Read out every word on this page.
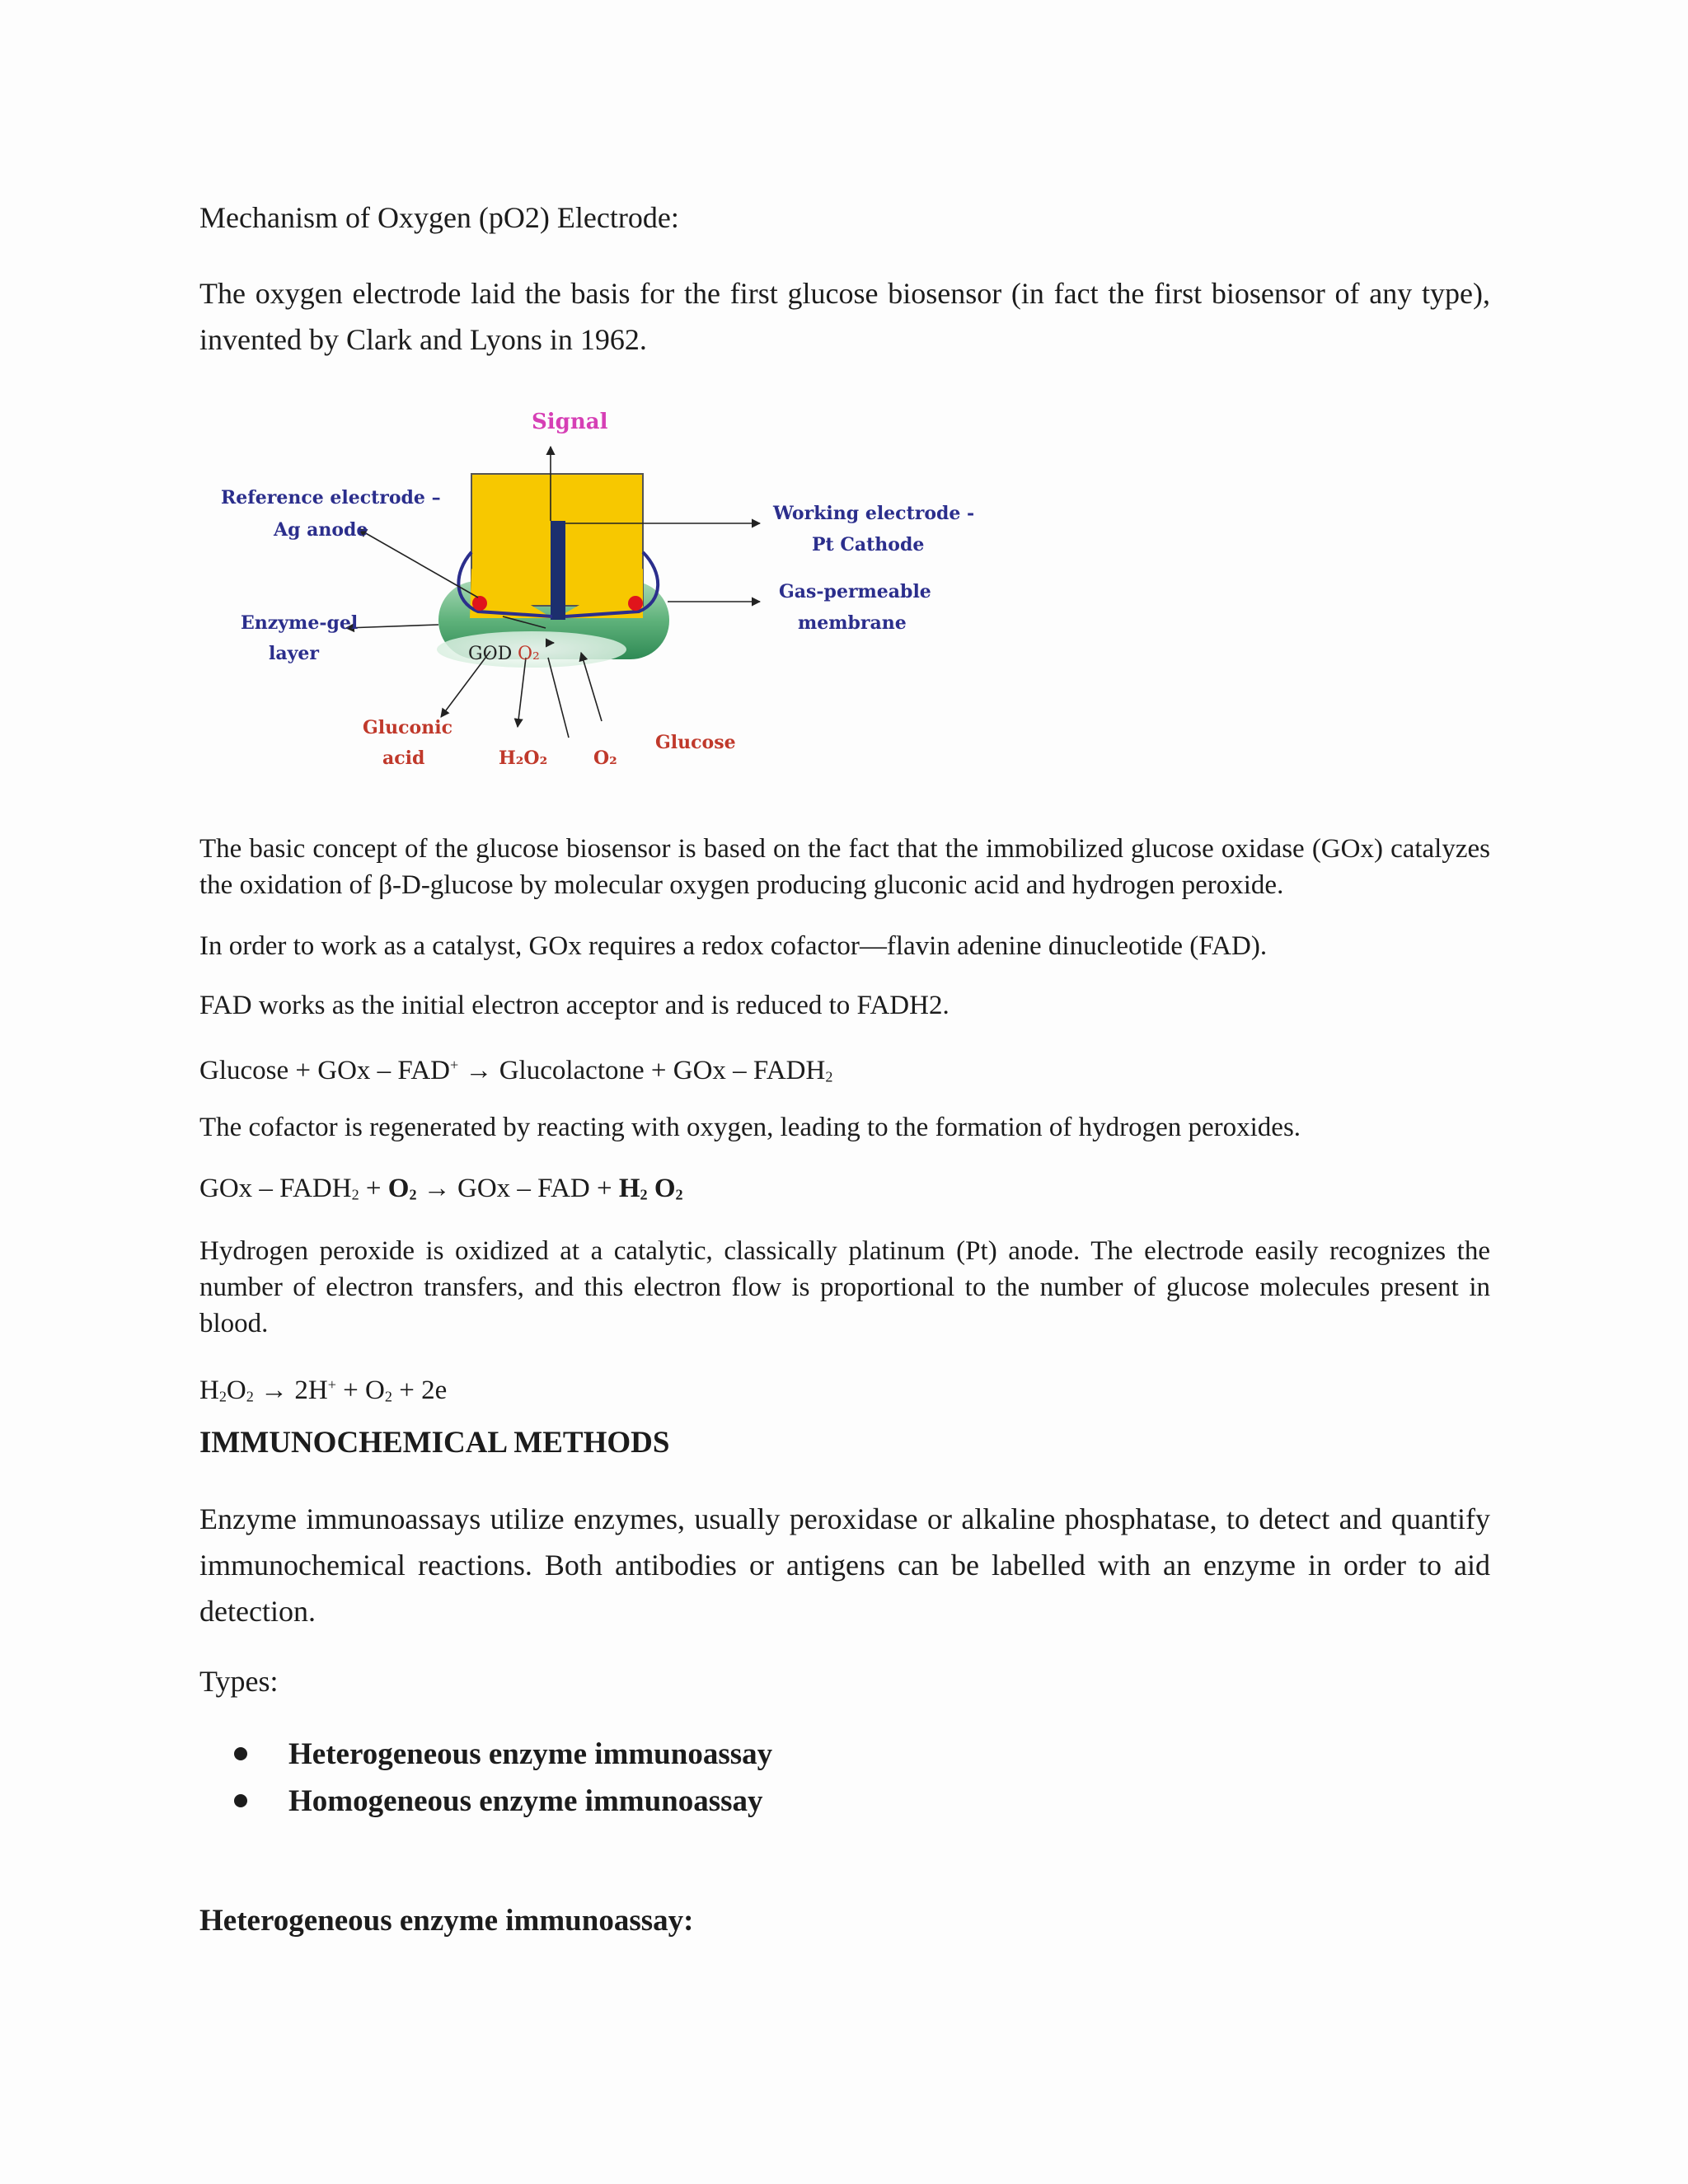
Mechanism of Oxygen (pO2) Electrode:

The oxygen electrode laid the basis for the first glucose biosensor (in fact the first biosensor of any type), invented by Clark and Lyons in 1962.

Signal
Reference electrode –
Ag anode
Working electrode -
Pt Cathode
Gas-permeable
membrane
Enzyme-gel
layer	GOD O₂
Gluconic
acid	H₂O₂	O₂
Glucose

The basic concept of the glucose biosensor is based on the fact that the immobilized glucose oxidase (GOx) catalyzes the oxidation of β-D-glucose by molecular oxygen producing gluconic acid and hydrogen peroxide.

In order to work as a catalyst, GOx requires a redox cofactor—flavin adenine dinucleotide (FAD).

FAD works as the initial electron acceptor and is reduced to FADH2.

Glucose + GOx – FAD+ → Glucolactone + GOx – $FADH_2$

The cofactor is regenerated by reacting with oxygen, leading to the formation of hydrogen peroxides.

GOx – $FADH_2 + O_2$ → GOx – FAD + $H_2$ $O_2$

Hydrogen peroxide is oxidized at a catalytic, classically platinum (Pt) anode. The electrode easily recognizes the number of electron transfers, and this electron flow is proportional to the number of glucose molecules present in blood.

$H_2O_2 \to 2H^+ + O_2 + 2e$

IMMUNOCHEMICAL METHODS

Enzyme immunoassays utilize enzymes, usually peroxidase or alkaline phosphatase, to detect and quantify immunochemical reactions. Both antibodies or antigens can be labelled with an enzyme in order to aid detection.

Types:

Heterogeneous enzyme immunoassay
Homogeneous enzyme immunoassay

Heterogeneous enzyme immunoassay:
